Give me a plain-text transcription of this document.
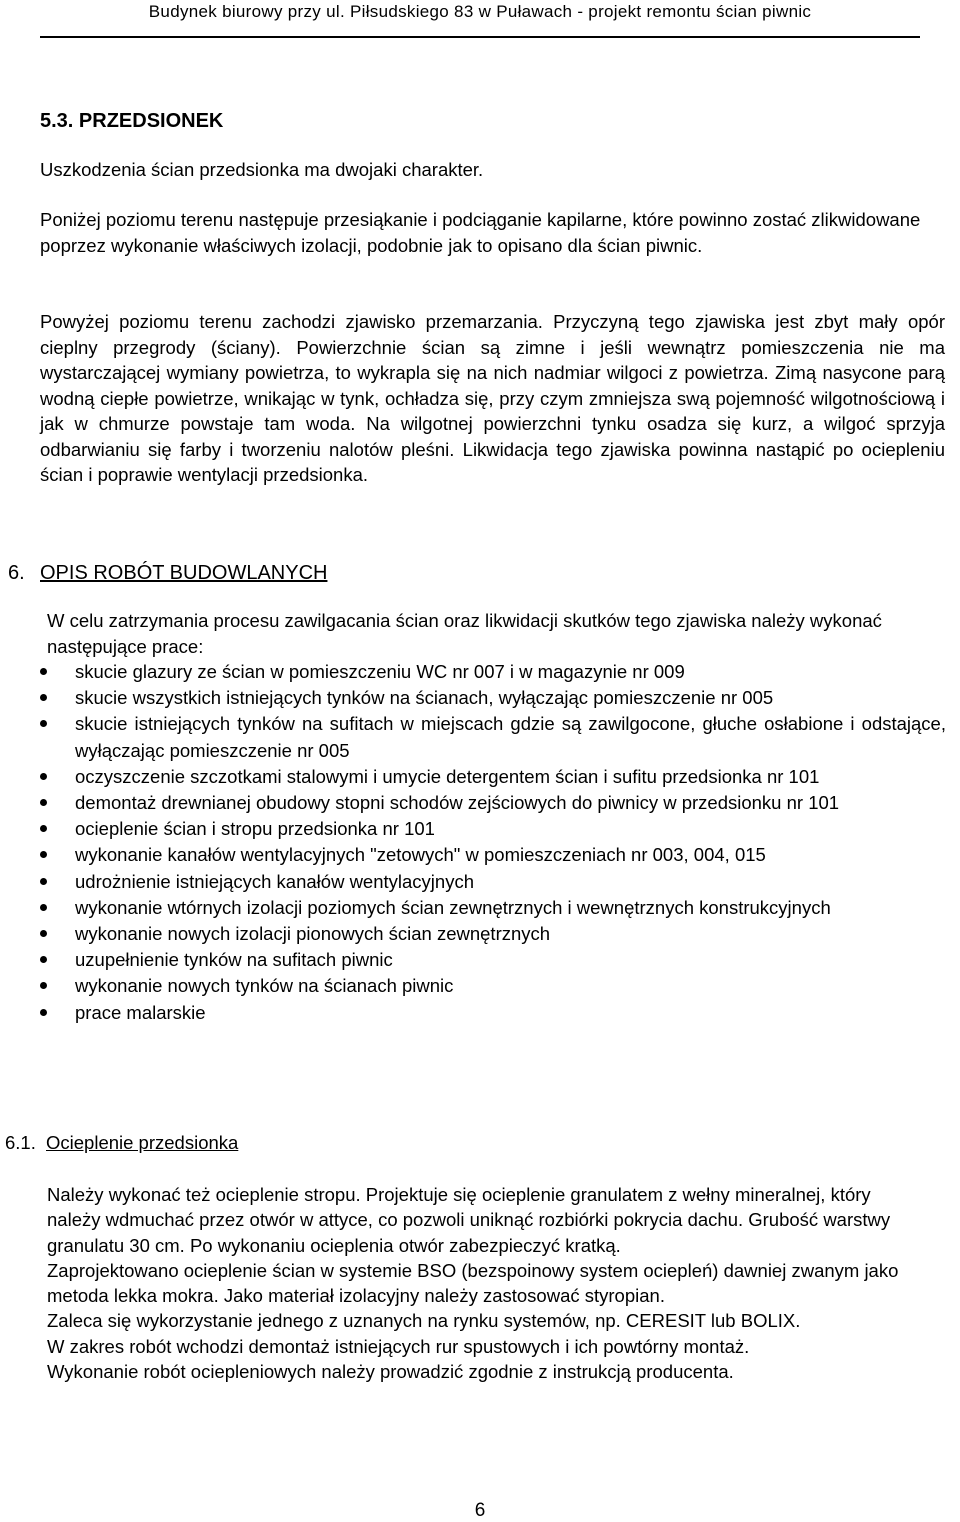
Budynek biurowy przy ul. Piłsudskiego 83 w Puławach - projekt remontu ścian piwnic
5.3. PRZEDSIONEK

Uszkodzenia ścian przedsionka ma dwojaki charakter.

Poniżej poziomu terenu następuje przesiąkanie i podciąganie kapilarne, które powinno zostać zlikwidowane poprzez wykonanie właściwych izolacji, podobnie jak to opisano dla ścian piwnic.

Powyżej poziomu terenu zachodzi zjawisko przemarzania. Przyczyną tego zjawiska jest zbyt mały opór cieplny przegrody (ściany). Powierzchnie ścian są zimne i jeśli wewnątrz pomieszczenia nie ma wystarczającej wymiany powietrza, to wykrapla się na nich nadmiar wilgoci z powietrza. Zimą nasycone parą wodną ciepłe powietrze, wnikając w tynk, ochładza się, przy czym zmniejsza swą pojemność wilgotnościową i jak w chmurze powstaje tam woda. Na wilgotnej powierzchni tynku osadza się kurz, a wilgoć sprzyja odbarwianiu się farby i tworzeniu nalotów pleśni. Likwidacja tego zjawiska powinna nastąpić po ociepleniu ścian i poprawie wentylacji przedsionka.

6. OPIS ROBÓT BUDOWLANYCH

W celu zatrzymania procesu zawilgacania ścian oraz likwidacji skutków tego zjawiska należy wykonać następujące prace:

skucie glazury ze ścian w pomieszczeniu WC nr 007 i w magazynie nr 009
skucie wszystkich istniejących tynków na ścianach, wyłączając pomieszczenie nr 005
skucie istniejących tynków na sufitach w miejscach gdzie są zawilgocone, głuche osłabione i odstające, wyłączając pomieszczenie nr 005
oczyszczenie szczotkami stalowymi i umycie detergentem ścian i sufitu przedsionka nr 101
demontaż drewnianej obudowy stopni schodów zejściowych do piwnicy w przedsionku nr 101
ocieplenie ścian i stropu przedsionka nr 101
wykonanie kanałów wentylacyjnych "zetowych" w pomieszczeniach nr 003, 004, 015
udrożnienie istniejących kanałów wentylacyjnych
wykonanie wtórnych izolacji poziomych ścian zewnętrznych i wewnętrznych konstrukcyjnych
wykonanie nowych izolacji pionowych ścian zewnętrznych
uzupełnienie tynków na sufitach piwnic
wykonanie nowych tynków na ścianach piwnic
prace malarskie
6.1. Ocieplenie przedsionka
Należy wykonać też ocieplenie stropu. Projektuje się ocieplenie granulatem z wełny mineralnej, który należy wdmuchać przez otwór w attyce, co pozwoli uniknąć rozbiórki pokrycia dachu. Grubość warstwy granulatu 30 cm. Po wykonaniu ocieplenia otwór zabezpieczyć kratką.
Zaprojektowano ocieplenie ścian w systemie BSO (bezspoinowy system ociepleń) dawniej zwanym jako metoda lekka mokra. Jako materiał izolacyjny należy zastosować styropian.
Zaleca się wykorzystanie jednego z uznanych na rynku systemów, np. CERESIT lub BOLIX.
W zakres robót wchodzi demontaż istniejących rur spustowych i ich powtórny montaż.
Wykonanie robót ociepleniowych należy prowadzić zgodnie z instrukcją producenta.
6
